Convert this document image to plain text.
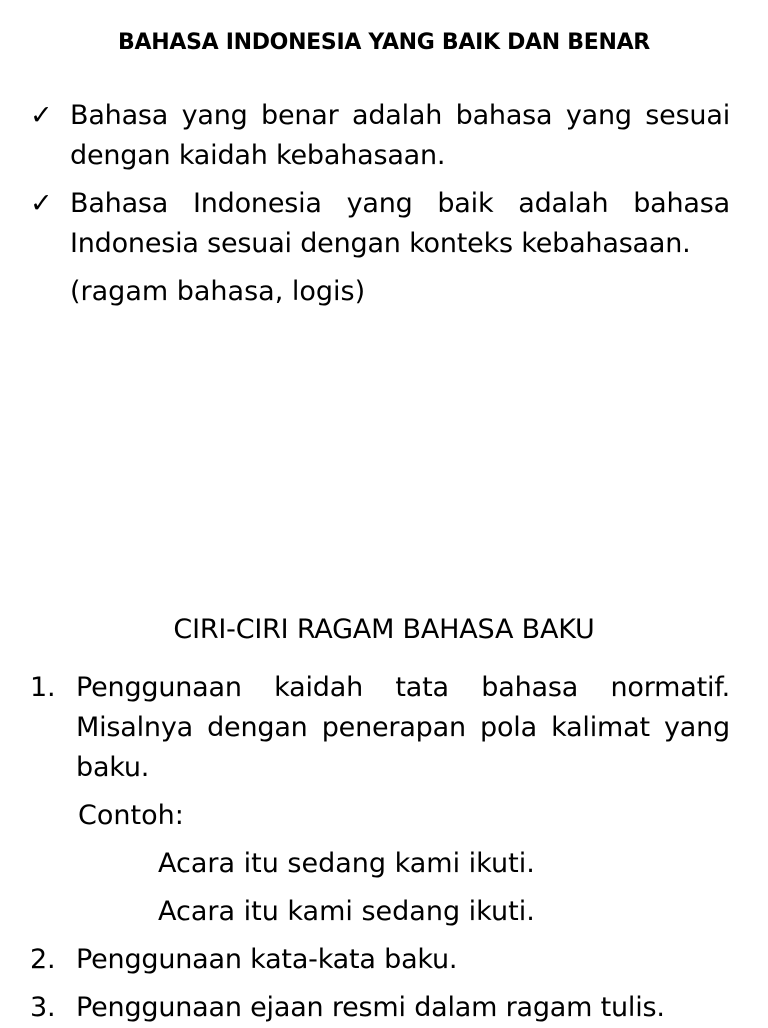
BAHASA INDONESIA YANG BAIK DAN BENAR
✓ Bahasa yang benar adalah bahasa yang sesuai dengan kaidah kebahasaan.
✓ Bahasa Indonesia yang baik adalah bahasa Indonesia sesuai dengan konteks kebahasaan.
(ragam bahasa, logis)
CIRI-CIRI RAGAM BAHASA BAKU
1. Penggunaan kaidah tata bahasa normatif. Misalnya dengan penerapan pola kalimat yang baku.
Contoh:
Acara itu sedang kami ikuti.
Acara itu kami sedang ikuti.
2. Penggunaan kata-kata baku.
3. Penggunaan ejaan resmi dalam ragam tulis.
